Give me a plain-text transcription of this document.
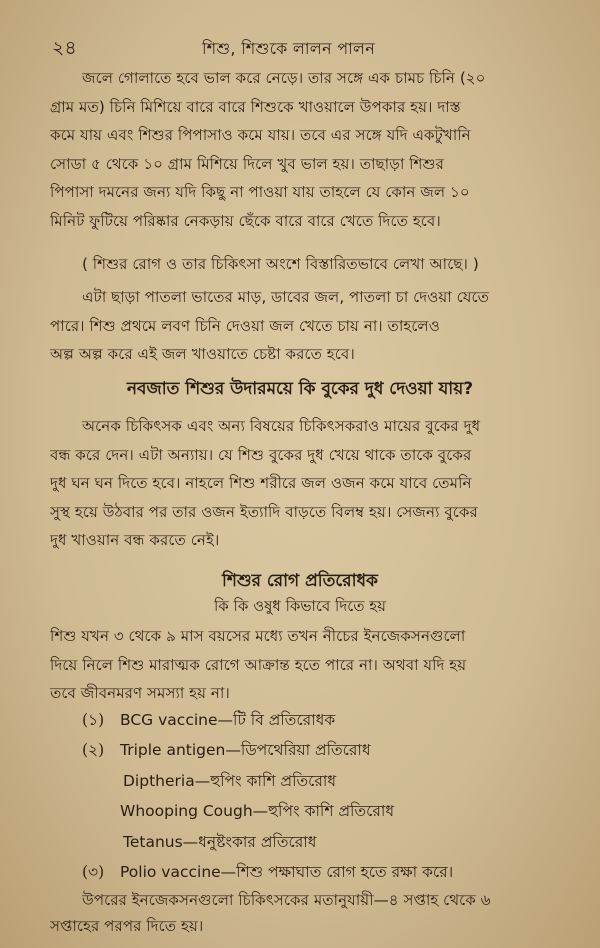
২৪	শিশু, শিশুকে লালন পালন
জলে গোলাতে হবে ভাল করে নেড়ে। তার সঙ্গে এক চামচ চিনি (২০
গ্রাম মত) চিনি মিশিয়ে বারে বারে শিশুকে খাওয়ালে উপকার হয়। দাস্ত
কমে যায় এবং শিশুর পিপাসাও কমে যায়। তবে এর সঙ্গে যদি একটুখানি
সোডা ৫ থেকে ১০ গ্রাম মিশিয়ে দিলে খুব ভাল হয়। তাছাড়া শিশুর
পিপাসা দমনের জন্য যদি কিছু না পাওয়া যায় তাহলে যে কোন জল ১০
মিনিট ফুটিয়ে পরিষ্কার নেকড়ায় ছেঁকে বারে বারে খেতে দিতে হবে।
( শিশুর রোগ ও তার চিকিৎসা অংশে বিস্তারিতভাবে লেখা আছে। )
এটা ছাড়া পাতলা ভাতের মাড়, ডাবের জল, পাতলা চা দেওয়া যেতে
পারে। শিশু প্রথমে লবণ চিনি দেওয়া জল খেতে চায় না। তাহলেও
অল্প অল্প করে এই জল খাওয়াতে চেষ্টা করতে হবে।
নবজাত শিশুর উদারময়ে কি বুকের দুধ দেওয়া যায়?
অনেক চিকিৎসক এবং অন্য বিষয়ের চিকিৎসকরাও মায়ের বুকের দুধ
বন্ধ করে দেন। এটা অন্যায়। যে শিশু বুকের দুধ খেয়ে থাকে তাকে বুকের
দুধ ঘন ঘন দিতে হবে। নাহলে শিশু শরীরে জল ওজন কমে যাবে তেমনি
সুস্থ হয়ে উঠবার পর তার ওজন ইত্যাদি বাড়তে বিলম্ব হয়। সেজন্য বুকের
দুধ খাওয়ান বন্ধ করতে নেই।
শিশুর রোগ প্রতিরোধক
কি কি ওষুধ কিভাবে দিতে হয়
শিশু যখন ৩ থেকে ৯ মাস বয়সের মধ্যে তখন নীচের ইনজেকসনগুলো
দিয়ে নিলে শিশু মারাত্মক রোগে আক্রান্ত হতে পারে না। অথবা যদি হয়
তবে জীবনমরণ সমস্যা হয় না।
(১) BCG vaccine—টি বি প্রতিরোধক
(২) Triple antigen—ডিপথেরিয়া প্রতিরোধ
Diptheria—হুপিং কাশি প্রতিরোধ
Whooping Cough—হুপিং কাশি প্রতিরোধ
Tetanus—ধনুষ্টংকার প্রতিরোধ
(৩) Polio vaccine—শিশু পক্ষাঘাত রোগ হতে রক্ষা করে।
উপরের ইনজেকসনগুলো চিকিৎসকের মতানুযায়ী—৪ সপ্তাহ থেকে ৬
সপ্তাহের পরপর দিতে হয়।
